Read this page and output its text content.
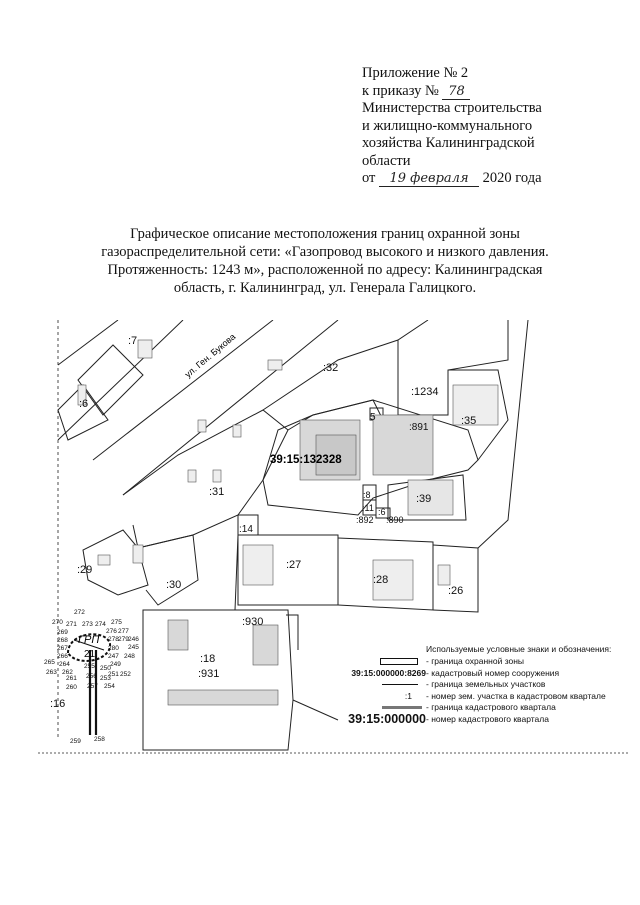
Приложение № 2
к приказу № 78
Министерства строительства
и жилищно-коммунального
хозяйства Калининградской
области
от 19 февраля 2020 года
Графическое описание местоположения границ охранной зоны
газораспределительной сети: «Газопровод высокого и низкого давления.
Протяженность: 1243 м», расположенной по адресу: Калининградская
область, г. Калининград, ул. Генерала Галицкого.
ул. Ген. Букова
39:15:132328
ГРП
21
:7
:6
:32
:1234
:35
:891
:31
:39
:8
:11 :6
:892 :890
:14
:27
:28
:26
:29
:30
:930
:18
:931
:16
5
272
270 271 273 274 275
269	276 277
268	278 279 246
267	280 245
266	248
265 264
247
249
263 262
255 250
251 252
261 256 253
260 257 254
259 258
Используемые условные знаки и обозначения:
- граница охранной зоны
39:15:000000:8269 - кадастровый номер сооружения
- граница земельных участков
:1	- номер зем. участка в кадастровом квартале
- граница кадастрового квартала
39:15:000000 - номер кадастрового квартала
